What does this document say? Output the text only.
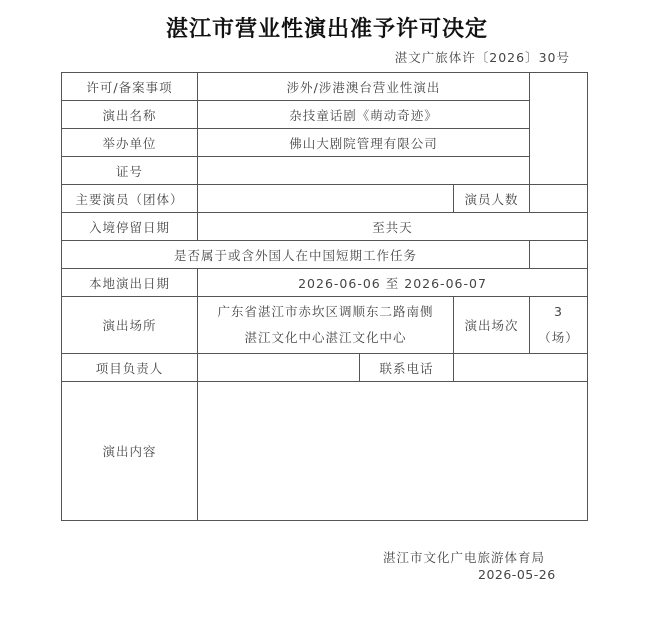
湛江市营业性演出准予许可决定
湛文广旅体许〔2026〕30号
许可/备案事项	涉外/涉港澳台营业性演出			
演出名称	杂技童话剧《萌动奇迹》			
举办单位	佛山大剧院管理有限公司			
证号				
主要演员（团体）			演员人数	
入境停留日期	至共天			
是否属于或含外国人在中国短期工作任务				
本地演出日期	2026-06-06 至 2026-06-07			
演出场所	广东省湛江市赤坎区调顺东二路南侧
湛江文化中心湛江文化中心		演出场次	3
（场）
项目负责人		联系电话		
演出内容				
湛江市文化广电旅游体育局
2026-05-26
